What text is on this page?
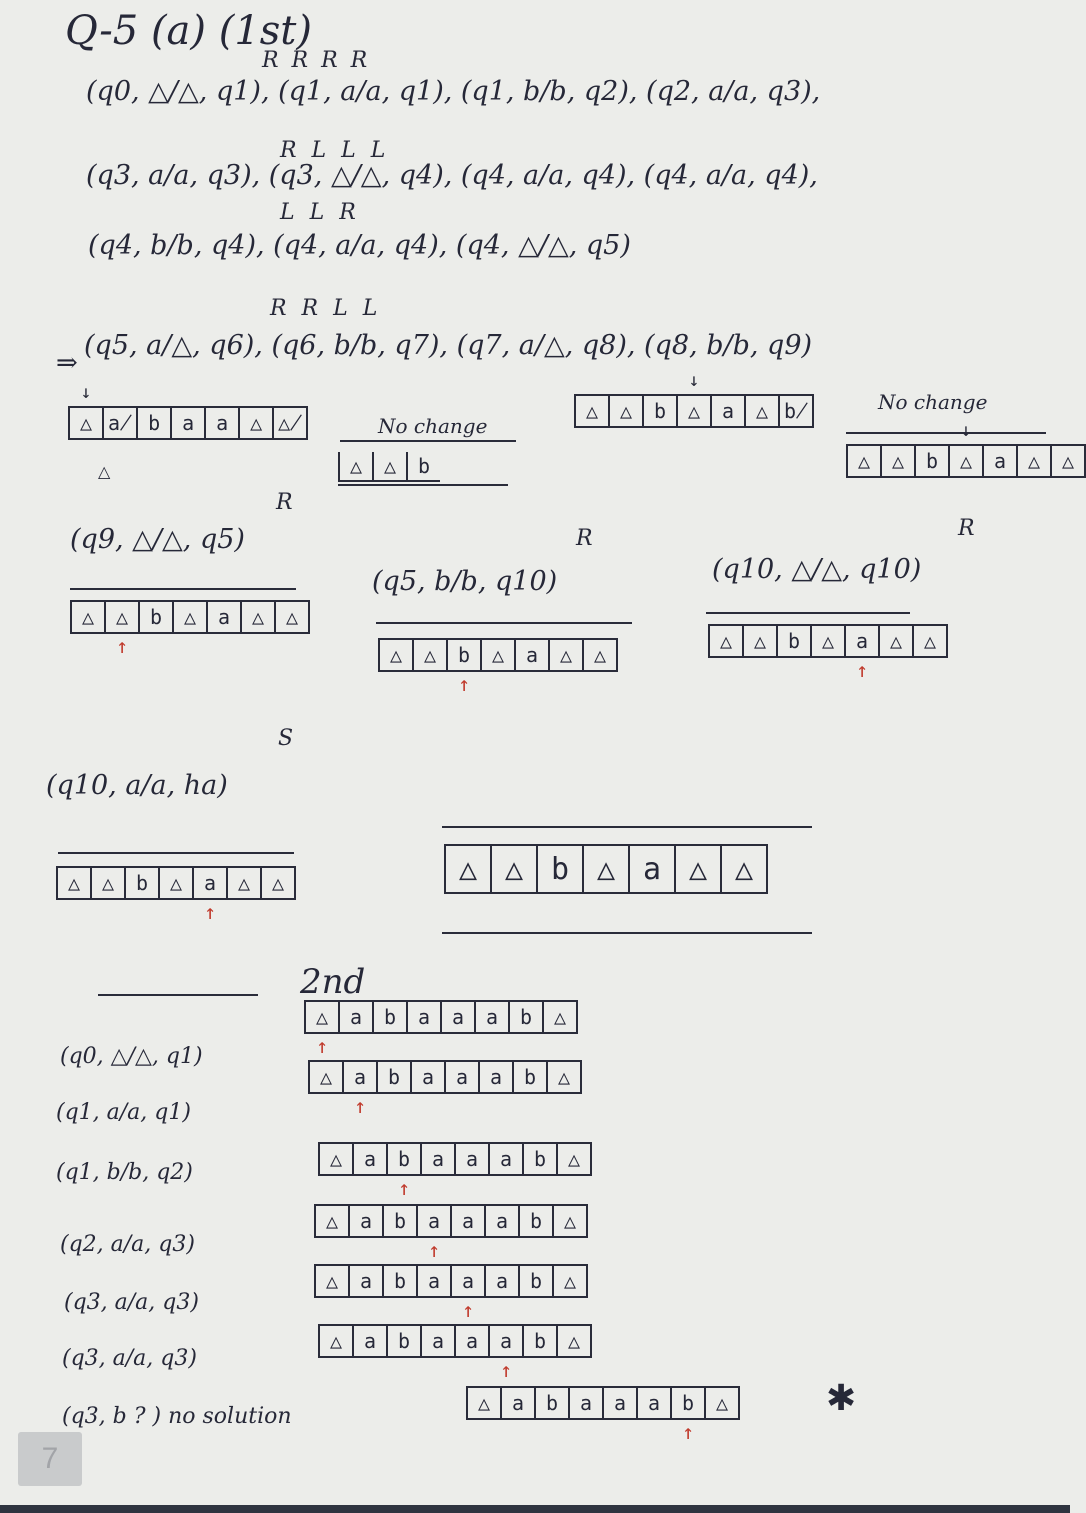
Q-5 (a) (1st)
R R R R
(q0, △/△, q1), (q1, a/a, q1), (q1, b/b, q2), (q2, a/a, q3),
R L L L
(q3, a/a, q3), (q3, △/△, q4), (q4, a/a, q4), (q4, a/a, q4),
L L R
(q4, b/b, q4), (q4, a/a, q4), (q4, △/△, q5)
R R L L
⇒
(q5, a/△, q6), (q6, b/b, q7), (q7, a/△, q8), (q8, b/b, q9)
↓ △ a̸ b	a	a	△ △̸
△
No change
△	△	b
△	△	b	↓ △	a	△ b̸	No change
△	△	b	↓ △	a	△	△
R
(q9, △/△, q5)
△	△ ↑	b	△	a	△	△
R
(q5, b/b, q10)
△	△	b ↑	△	a	△	△
R
(q10, △/△, q10)
△	△	b	△	a ↑	△	△
S
(q10, a/a, ha)
△	△	b	△	a ↑	△	△	△ △ b △ a △ △
2nd
(q0, △/△, q1)
△ ↑	a	b	a	a	a	b	△
(q1, a/a, q1)
△	a ↑	b	a	a	a	b	△
(q1, b/b, q2)
△	a	b ↑	a	a	a	b	△
(q2, a/a, q3)
△	a	b	a ↑	a	a	b	△
(q3, a/a, q3)
△	a	b	a	a ↑	a	b	△
(q3, a/a, q3)
△	a	b	a	a	a ↑	b	△
(q3, b ? ) no solution
△	a	b	a	a	a	b ↑	△	✱
7
